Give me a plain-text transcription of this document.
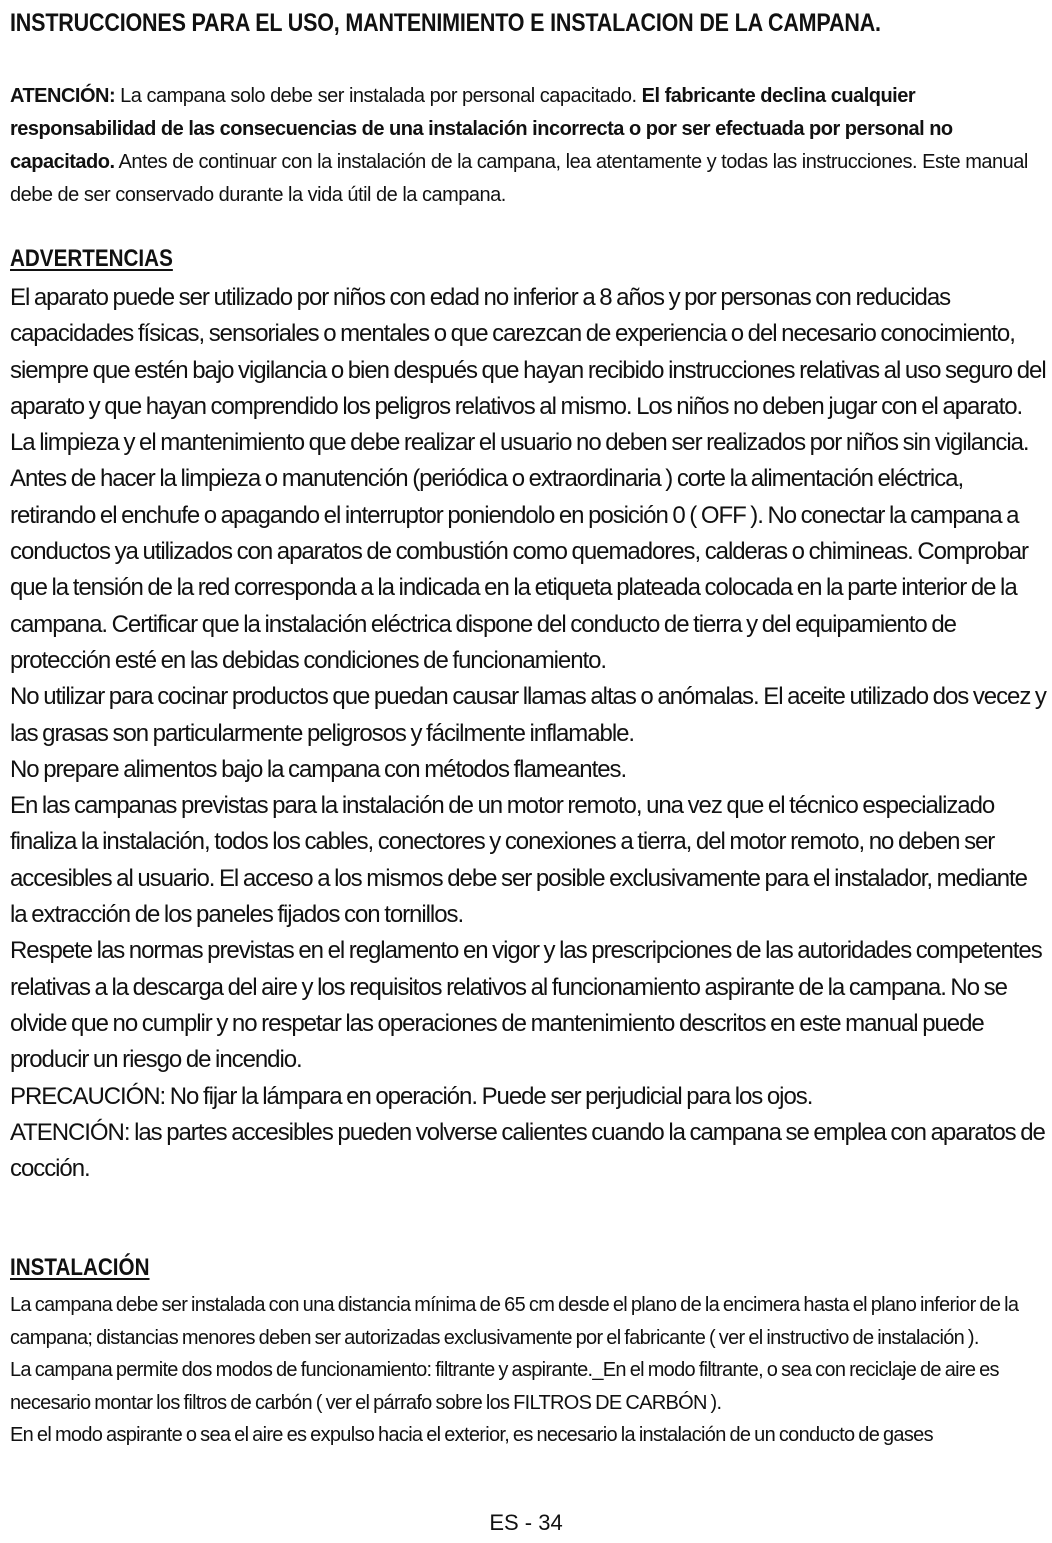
INSTRUCCIONES PARA EL USO, MANTENIMIENTO E INSTALACION DE LA CAMPANA.
ATENCIÓN: La campana solo debe ser instalada por personal capacitado. El fabricante declina cualquier responsabilidad de las consecuencias de una instalación incorrecta o por ser efectuada por personal no capacitado. Antes de continuar con la instalación de la campana, lea atentamente y todas las instrucciones. Este manual debe de ser conservado durante la vida útil de la campana.
ADVERTENCIAS

El aparato puede ser utilizado por niños con edad no inferior a 8 años y por personas con reducidas capacidades físicas, sensoriales o mentales o que carezcan de experiencia o del necesario conocimiento, siempre que estén bajo vigilancia o bien después que hayan recibido instrucciones relativas al uso seguro del aparato y que hayan comprendido los peligros relativos al mismo. Los niños no deben jugar con el aparato. La limpieza y el mantenimiento que debe realizar el usuario no deben ser realizados por niños sin vigilancia.

Antes de hacer la limpieza o manutención (periódica o extraordinaria ) corte la alimentación eléctrica, retirando el enchufe o apagando el interruptor poniendolo en posición 0 ( OFF ). No conectar la campana a conductos ya utilizados con aparatos de combustión como quemadores, calderas o chimineas. Comprobar que la tensión de la red corresponda a la indicada en la etiqueta plateada colocada en la parte interior de la campana. Certificar que la instalación eléctrica dispone del conducto de tierra y del equipamiento de protección esté en las debidas condiciones de funcionamiento.

No utilizar para cocinar productos que puedan causar llamas altas o anómalas. El aceite utilizado dos vecez y las grasas son particularmente peligrosos y fácilmente inflamable.

No prepare alimentos bajo la campana con métodos flameantes.

En las campanas previstas para la instalación de un motor remoto, una vez que el técnico especializado finaliza la instalación, todos los cables, conectores y conexiones a tierra, del motor remoto, no deben ser accesibles al usuario. El acceso a los mismos debe ser posible exclusivamente para el instalador, mediante la extracción de los paneles fijados con tornillos.

Respete las normas previstas en el reglamento en vigor y las prescripciones de las autoridades competentes relativas a la descarga del aire y los requisitos relativos al funcionamiento aspirante de la campana. No se olvide que no cumplir y no respetar las operaciones de mantenimiento descritos en este manual puede producir un riesgo de incendio.

PRECAUCIÓN: No fijar la lámpara en operación. Puede ser perjudicial para los ojos.

ATENCIÓN: las partes accesibles pueden volverse calientes cuando la campana se emplea con aparatos de cocción.

INSTALACIÓN

La campana debe ser instalada con una distancia mínima de 65 cm desde el plano de la encimera hasta el plano inferior de la campana; distancias menores deben ser autorizadas exclusivamente por el fabricante ( ver el instructivo de instalación ).

La campana permite dos modos de funcionamiento: filtrante y aspirante._En el modo filtrante, o sea con reciclaje de aire es necesario montar los filtros de carbón ( ver el párrafo sobre los FILTROS DE CARBÓN ).

En el modo aspirante o sea el aire es expulso hacia el exterior, es necesario la instalación de un conducto de gases

ES - 34
